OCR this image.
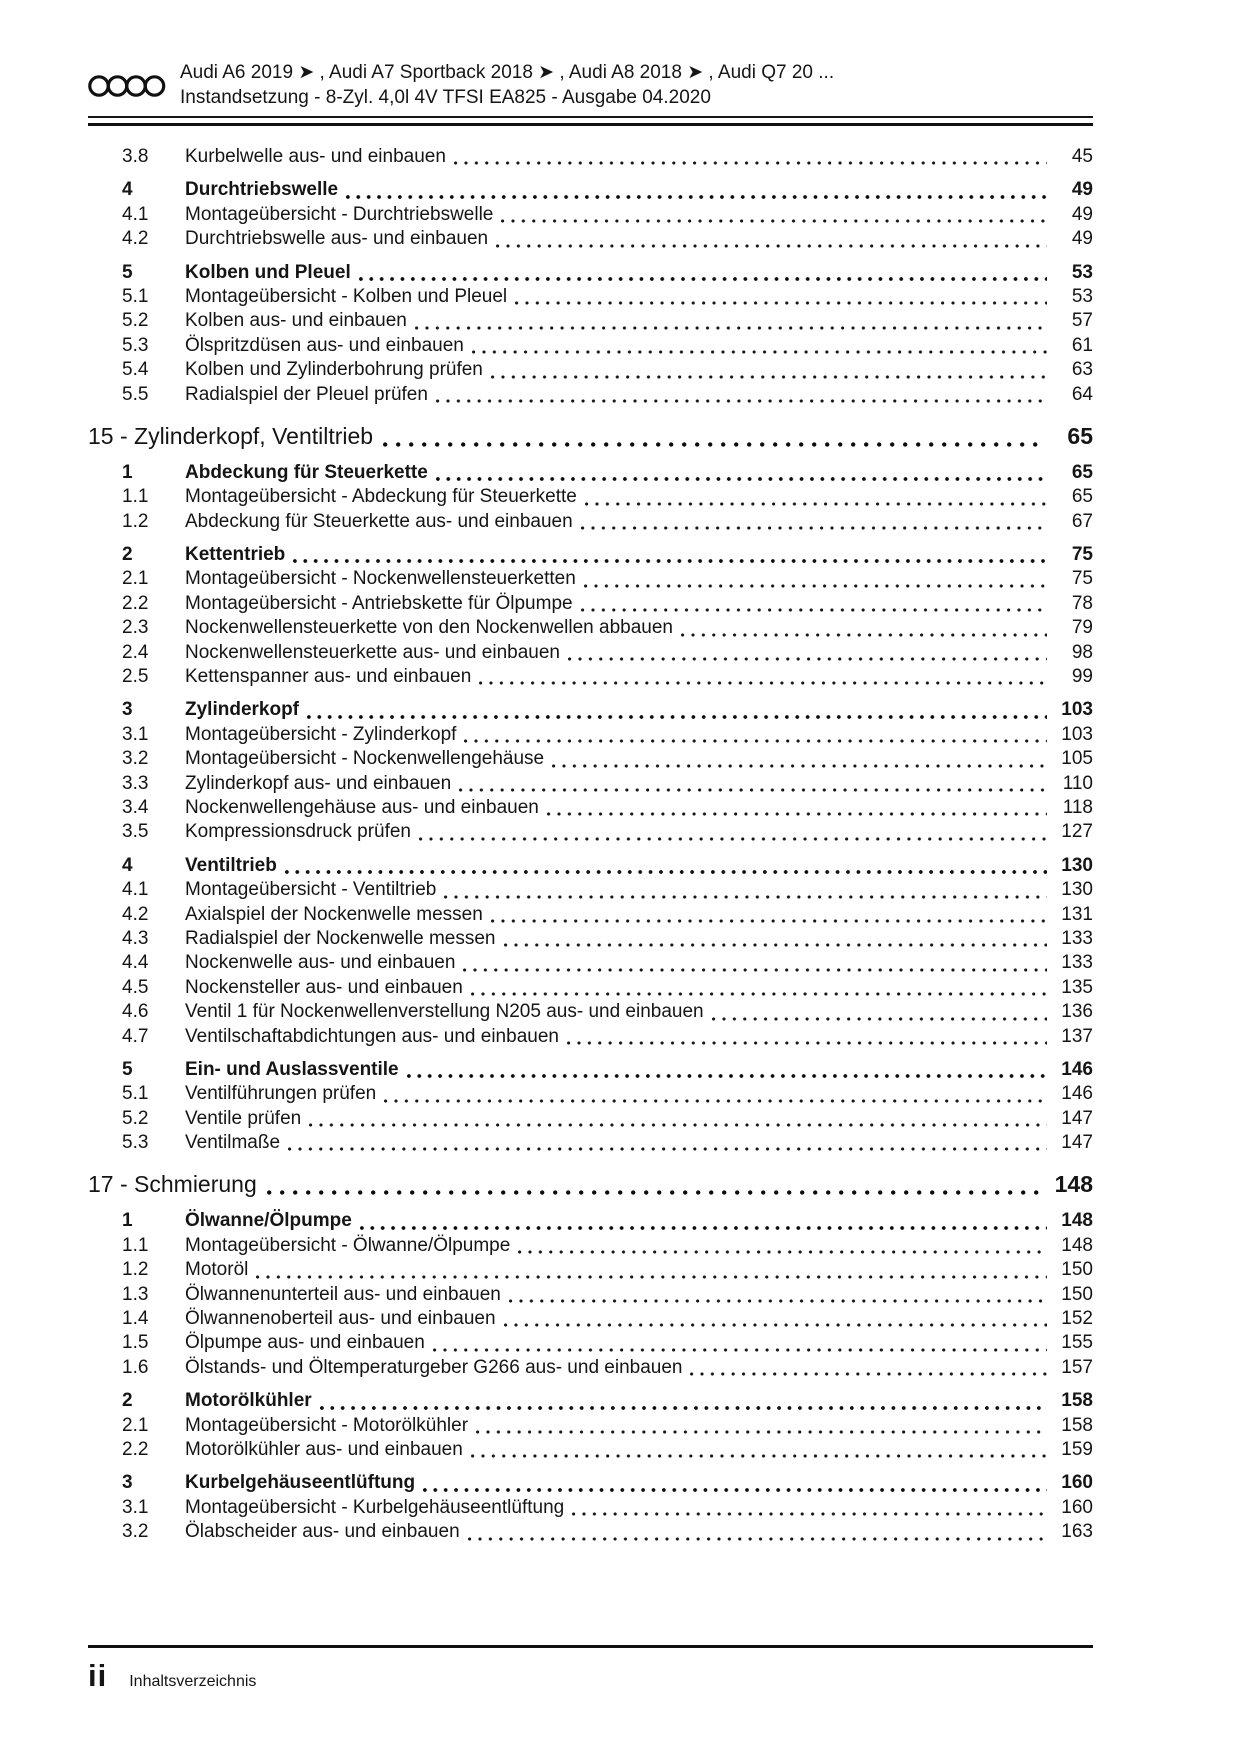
Audi A6 2019 ➤ , Audi A7 Sportback 2018 ➤ , Audi A8 2018 ➤ , Audi Q7 20 ...
Instandsetzung - 8-Zyl. 4,0l 4V TFSI EA825 - Ausgabe 04.2020
3.8	Kurbelwelle aus- und einbauen	45
4	Durchtriebswelle	49
4.1	Montageübersicht - Durchtriebswelle	49
4.2	Durchtriebswelle aus- und einbauen	49
5	Kolben und Pleuel	53
5.1	Montageübersicht - Kolben und Pleuel	53
5.2	Kolben aus- und einbauen	57
5.3	Ölspritzdüsen aus- und einbauen	61
5.4	Kolben und Zylinderbohrung prüfen	63
5.5	Radialspiel der Pleuel prüfen	64
15 - Zylinderkopf, Ventiltrieb	65
1	Abdeckung für Steuerkette	65
1.1	Montageübersicht - Abdeckung für Steuerkette	65
1.2	Abdeckung für Steuerkette aus- und einbauen	67
2	Kettentrieb	75
2.1	Montageübersicht - Nockenwellensteuerketten	75
2.2	Montageübersicht - Antriebskette für Ölpumpe	78
2.3	Nockenwellensteuerkette von den Nockenwellen abbauen	79
2.4	Nockenwellensteuerkette aus- und einbauen	98
2.5	Kettenspanner aus- und einbauen	99
3	Zylinderkopf	103
3.1	Montageübersicht - Zylinderkopf	103
3.2	Montageübersicht - Nockenwellengehäuse	105
3.3	Zylinderkopf aus- und einbauen	110
3.4	Nockenwellengehäuse aus- und einbauen	118
3.5	Kompressionsdruck prüfen	127
4	Ventiltrieb	130
4.1	Montageübersicht - Ventiltrieb	130
4.2	Axialspiel der Nockenwelle messen	131
4.3	Radialspiel der Nockenwelle messen	133
4.4	Nockenwelle aus- und einbauen	133
4.5	Nockensteller aus- und einbauen	135
4.6	Ventil 1 für Nockenwellenverstellung N205 aus- und einbauen	136
4.7	Ventilschaftabdichtungen aus- und einbauen	137
5	Ein- und Auslassventile	146
5.1	Ventilführungen prüfen	146
5.2	Ventile prüfen	147
5.3	Ventilmaße	147
17 - Schmierung	148
1	Ölwanne/Ölpumpe	148
1.1	Montageübersicht - Ölwanne/Ölpumpe	148
1.2	Motoröl	150
1.3	Ölwannenunterteil aus- und einbauen	150
1.4	Ölwannenoberteil aus- und einbauen	152
1.5	Ölpumpe aus- und einbauen	155
1.6	Ölstands- und Öltemperaturgeber G266 aus- und einbauen	157
2	Motorölkühler	158
2.1	Montageübersicht - Motorölkühler	158
2.2	Motorölkühler aus- und einbauen	159
3	Kurbelgehäuseentlüftung	160
3.1	Montageübersicht - Kurbelgehäuseentlüftung	160
3.2	Ölabscheider aus- und einbauen	163
ii Inhaltsverzeichnis
